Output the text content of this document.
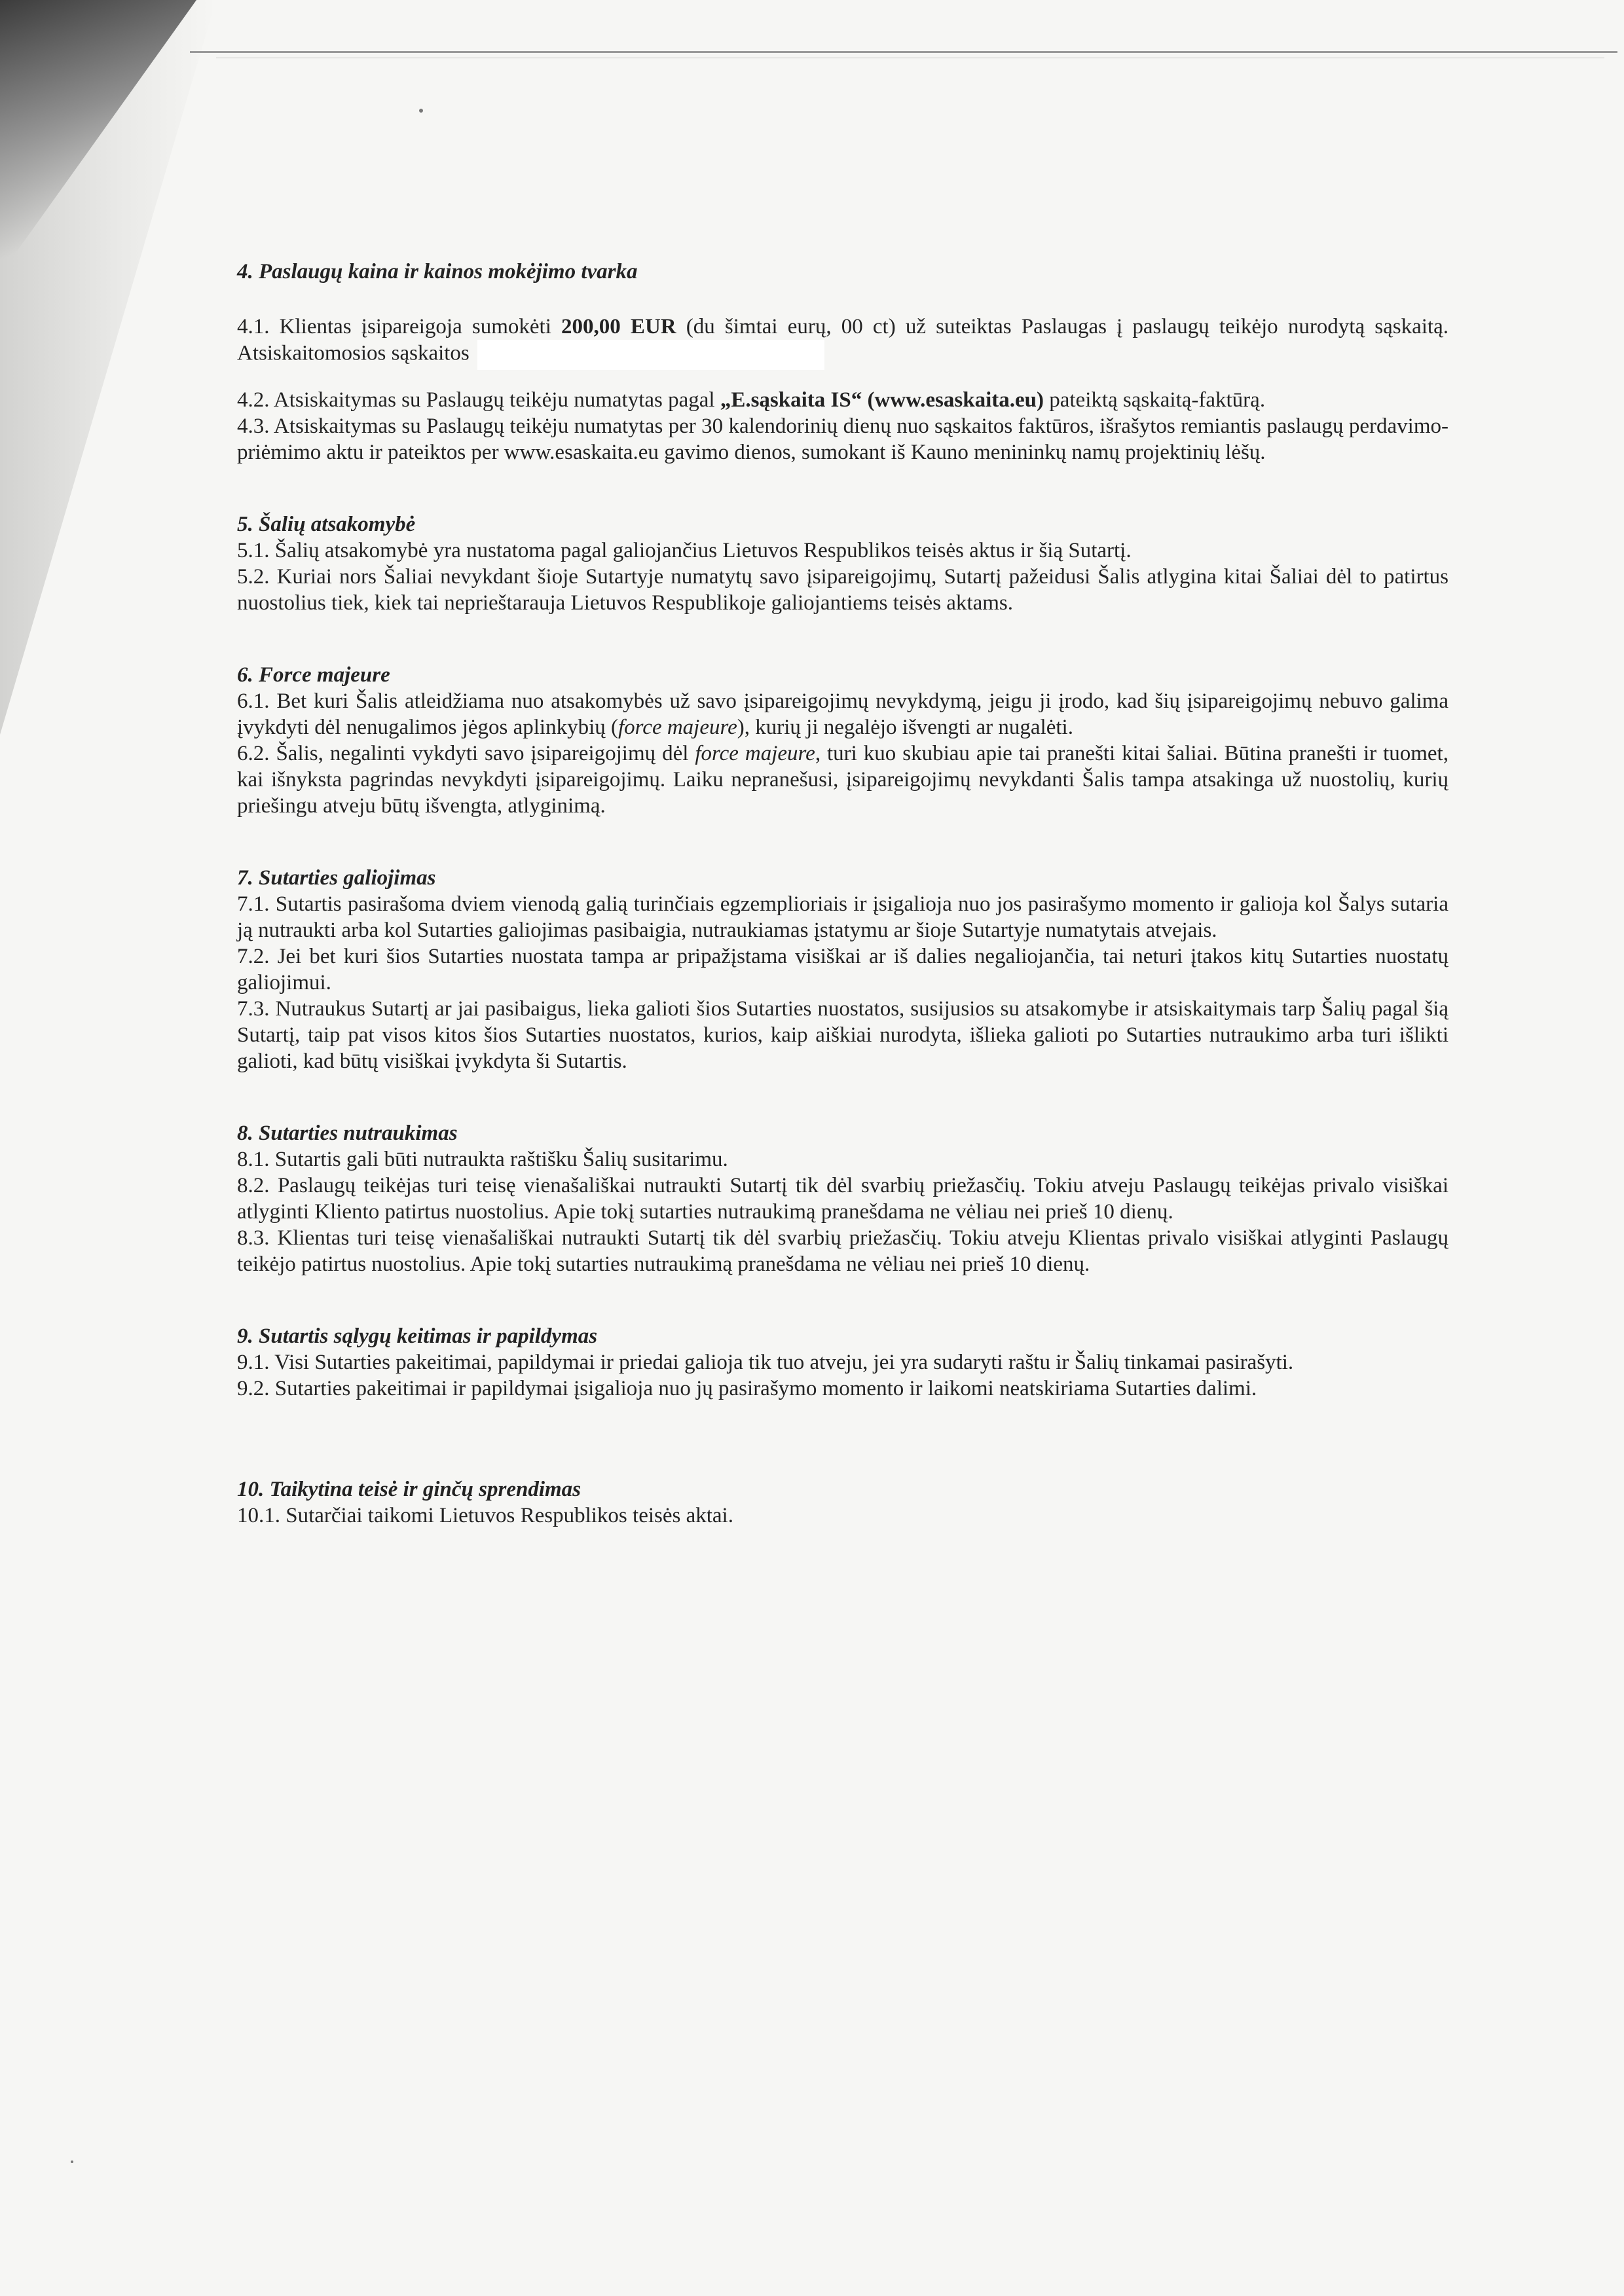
4. Paslaugų kaina ir kainos mokėjimo tvarka

4.1. Klientas įsipareigoja sumokėti 200,00 EUR (du šimtai eurų, 00 ct) už suteiktas Paslaugas į paslaugų teikėjo nurodytą sąskaitą. Atsiskaitomosios sąskaitos

4.2. Atsiskaitymas su Paslaugų teikėju numatytas pagal „E.sąskaita IS“ (www.esaskaita.eu) pateiktą sąskaitą-faktūrą.

4.3. Atsiskaitymas su Paslaugų teikėju numatytas per 30 kalendorinių dienų nuo sąskaitos faktūros, išrašytos remiantis paslaugų perdavimo-priėmimo aktu ir pateiktos per www.esaskaita.eu gavimo dienos, sumokant iš Kauno menininkų namų projektinių lėšų.

5. Šalių atsakomybė

5.1. Šalių atsakomybė yra nustatoma pagal galiojančius Lietuvos Respublikos teisės aktus ir šią Sutartį.

5.2. Kuriai nors Šaliai nevykdant šioje Sutartyje numatytų savo įsipareigojimų, Sutartį pažeidusi Šalis atlygina kitai Šaliai dėl to patirtus nuostolius tiek, kiek tai neprieštarauja Lietuvos Respublikoje galiojantiems teisės aktams.

6. Force majeure

6.1. Bet kuri Šalis atleidžiama nuo atsakomybės už savo įsipareigojimų nevykdymą, jeigu ji įrodo, kad šių įsipareigojimų nebuvo galima įvykdyti dėl nenugalimos jėgos aplinkybių (force majeure), kurių ji negalėjo išvengti ar nugalėti.

6.2. Šalis, negalinti vykdyti savo įsipareigojimų dėl force majeure, turi kuo skubiau apie tai pranešti kitai šaliai. Būtina pranešti ir tuomet, kai išnyksta pagrindas nevykdyti įsipareigojimų. Laiku nepranešusi, įsipareigojimų nevykdanti Šalis tampa atsakinga už nuostolių, kurių priešingu atveju būtų išvengta, atlyginimą.

7. Sutarties galiojimas

7.1. Sutartis pasirašoma dviem vienodą galią turinčiais egzemplioriais ir įsigalioja nuo jos pasirašymo momento ir galioja kol Šalys sutaria ją nutraukti arba kol Sutarties galiojimas pasibaigia, nutraukiamas įstatymu ar šioje Sutartyje numatytais atvejais.

7.2. Jei bet kuri šios Sutarties nuostata tampa ar pripažįstama visiškai ar iš dalies negaliojančia, tai neturi įtakos kitų Sutarties nuostatų galiojimui.

7.3. Nutraukus Sutartį ar jai pasibaigus, lieka galioti šios Sutarties nuostatos, susijusios su atsakomybe ir atsiskaitymais tarp Šalių pagal šią Sutartį, taip pat visos kitos šios Sutarties nuostatos, kurios, kaip aiškiai nurodyta, išlieka galioti po Sutarties nutraukimo arba turi išlikti galioti, kad būtų visiškai įvykdyta ši Sutartis.

8. Sutarties nutraukimas

8.1. Sutartis gali būti nutraukta raštišku Šalių susitarimu.

8.2. Paslaugų teikėjas turi teisę vienašališkai nutraukti Sutartį tik dėl svarbių priežasčių. Tokiu atveju Paslaugų teikėjas privalo visiškai atlyginti Kliento patirtus nuostolius. Apie tokį sutarties nutraukimą pranešdama ne vėliau nei prieš 10 dienų.

8.3. Klientas turi teisę vienašališkai nutraukti Sutartį tik dėl svarbių priežasčių. Tokiu atveju Klientas privalo visiškai atlyginti Paslaugų teikėjo patirtus nuostolius. Apie tokį sutarties nutraukimą pranešdama ne vėliau nei prieš 10 dienų.

9. Sutartis sąlygų keitimas ir papildymas

9.1. Visi Sutarties pakeitimai, papildymai ir priedai galioja tik tuo atveju, jei yra sudaryti raštu ir Šalių tinkamai pasirašyti.

9.2. Sutarties pakeitimai ir papildymai įsigalioja nuo jų pasirašymo momento ir laikomi neatskiriama Sutarties dalimi.

10. Taikytina teisė ir ginčų sprendimas

10.1. Sutarčiai taikomi Lietuvos Respublikos teisės aktai.
